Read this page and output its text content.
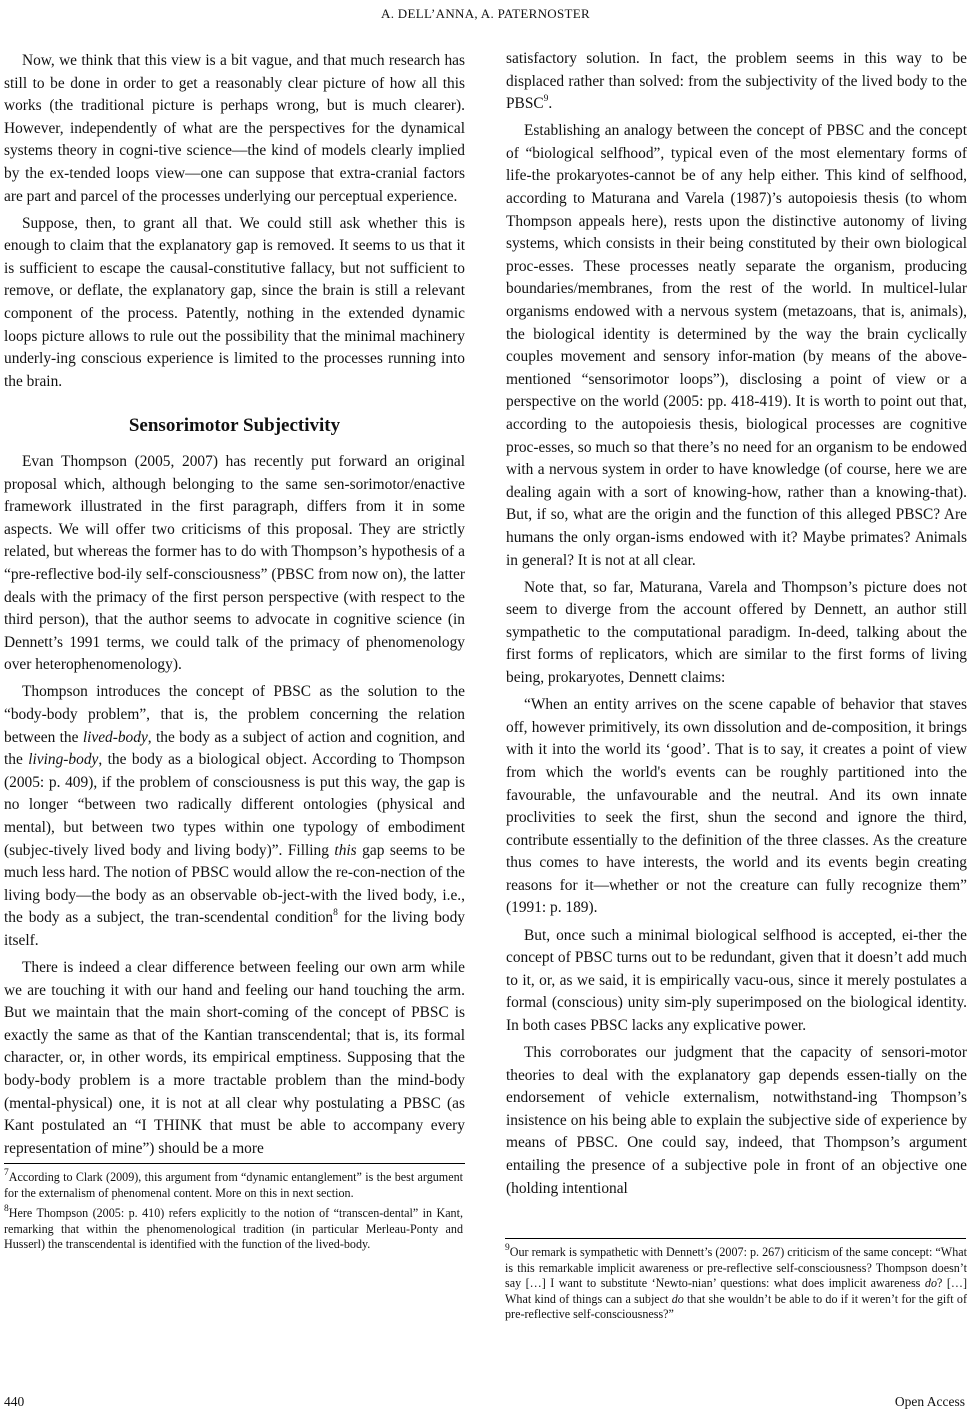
A. DELL’ANNA, A. PATERNOSTER

Now, we think that this view is a bit vague, and that much research has still to be done in order to get a reasonably clear picture of how all this works (the traditional picture is perhaps wrong, but is much clearer). However, independently of what are the perspectives for the dynamical systems theory in cogni-tive science—the kind of models clearly implied by the ex-tended loops view—one can suppose that extra-cranial factors are part and parcel of the processes underlying our perceptual experience.

Suppose, then, to grant all that. We could still ask whether this is enough to claim that the explanatory gap is removed. It seems to us that it is sufficient to escape the causal-constitutive fallacy, but not sufficient to remove, or deflate, the explanatory gap, since the brain is still a relevant component of the process. Patently, nothing in the extended dynamic loops picture allows to rule out the possibility that the minimal machinery underly-ing conscious experience is limited to the processes running into the brain.

Sensorimotor Subjectivity

Evan Thompson (2005, 2007) has recently put forward an original proposal which, although belonging to the same sen-sorimotor/enactive framework illustrated in the first paragraph, differs from it in some aspects. We will offer two criticisms of this proposal. They are strictly related, but whereas the former has to do with Thompson’s hypothesis of a “pre-reflective bod-ily self-consciousness” (PBSC from now on), the latter deals with the primacy of the first person perspective (with respect to the third person), that the author seems to advocate in cognitive science (in Dennett’s 1991 terms, we could talk of the primacy of phenomenology over heterophenomenology).

Thompson introduces the concept of PBSC as the solution to the “body-body problem”, that is, the problem concerning the relation between the lived-body, the body as a subject of action and cognition, and the living-body, the body as a biological object. According to Thompson (2005: p. 409), if the problem of consciousness is put this way, the gap is no longer “between two radically different ontologies (physical and mental), but between two types within one typology of embodiment (subjec-tively lived body and living body)”. Filling this gap seems to be much less hard. The notion of PBSC would allow the re-con-nection of the living body—the body as an observable ob-ject-with the lived body, i.e., the body as a subject, the tran-scendental condition$^8$ for the living body itself.

There is indeed a clear difference between feeling our own arm while we are touching it with our hand and feeling our hand touching the arm. But we maintain that the main short-coming of the concept of PBSC is exactly the same as that of the Kantian transcendental; that is, its formal character, or, in other words, its empirical emptiness. Supposing that the body-body problem is a more tractable problem than the mind-body (mental-physical) one, it is not at all clear why postulating a PBSC (as Kant postulated an “I THINK that must be able to accompany every representation of mine”) should be a more

satisfactory solution. In fact, the problem seems in this way to be displaced rather than solved: from the subjectivity of the lived body to the PBSC$^9$.

Establishing an analogy between the concept of PBSC and the concept of “biological selfhood”, typical even of the most elementary forms of life-the prokaryotes-cannot be of any help either. This kind of selfhood, according to Maturana and Varela (1987)’s autopoiesis thesis (to whom Thompson appeals here), rests upon the distinctive autonomy of living systems, which consists in their being constituted by their own biological proc-esses. These processes neatly separate the organism, producing boundaries/membranes, from the rest of the world. In multicel-lular organisms endowed with a nervous system (metazoans, that is, animals), the biological identity is determined by the way the brain cyclically couples movement and sensory infor-mation (by means of the above-mentioned “sensorimotor loops”), disclosing a point of view or a perspective on the world (2005: pp. 418-419). It is worth to point out that, according to the autopoiesis thesis, biological processes are cognitive proc-esses, so much so that there’s no need for an organism to be endowed with a nervous system in order to have knowledge (of course, here we are dealing again with a sort of knowing-how, rather than a knowing-that). But, if so, what are the origin and the function of this alleged PBSC? Are humans the only organ-isms endowed with it? Maybe primates? Animals in general? It is not at all clear.

Note that, so far, Maturana, Varela and Thompson’s picture does not seem to diverge from the account offered by Dennett, an author still sympathetic to the computational paradigm. In-deed, talking about the first forms of replicators, which are similar to the first forms of living being, prokaryotes, Dennett claims:

“When an entity arrives on the scene capable of behavior that staves off, however primitively, its own dissolution and de-composition, it brings with it into the world its ‘good’. That is to say, it creates a point of view from which the world's events can be roughly partitioned into the favourable, the unfavourable and the neutral. And its own innate proclivities to seek the first, shun the second and ignore the third, contribute essentially to the definition of the three classes. As the creature thus comes to have interests, the world and its events begin creating reasons for it—whether or not the creature can fully recognize them” (1991: p. 189).

But, once such a minimal biological selfhood is accepted, ei-ther the concept of PBSC turns out to be redundant, given that it doesn’t add much to it, or, as we said, it is empirically vacu-ous, since it merely postulates a formal (conscious) unity sim-ply superimposed on the biological identity. In both cases PBSC lacks any explicative power.

This corroborates our judgment that the capacity of sensori-motor theories to deal with the explanatory gap depends essen-tially on the endorsement of vehicle externalism, notwithstand-ing Thompson’s insistence on his being able to explain the subjective side of experience by means of PBSC. One could say, indeed, that Thompson’s argument entailing the presence of a subjective pole in front of an objective one (holding intentional

$^7$According to Clark (2009), this argument from “dynamic entanglement” is the best argument for the externalism of phenomenal content. More on this in next section.

$^8$Here Thompson (2005: p. 410) refers explicitly to the notion of “transcen-dental” in Kant, remarking that within the phenomenological tradition (in particular Merleau-Ponty and Husserl) the transcendental is identified with the function of the lived-body.	$^9$Our remark is sympathetic with Dennett’s (2007: p. 267) criticism of the same concept: “What is this remarkable implicit awareness or pre-reflective self-consciousness? Thompson doesn’t say […] I want to substitute ‘Newto-nian’ questions: what does implicit awareness do? […] What kind of things can a subject do that she wouldn’t be able to do if it weren’t for the gift of pre-reflective self-consciousness?”

440	Open Access
